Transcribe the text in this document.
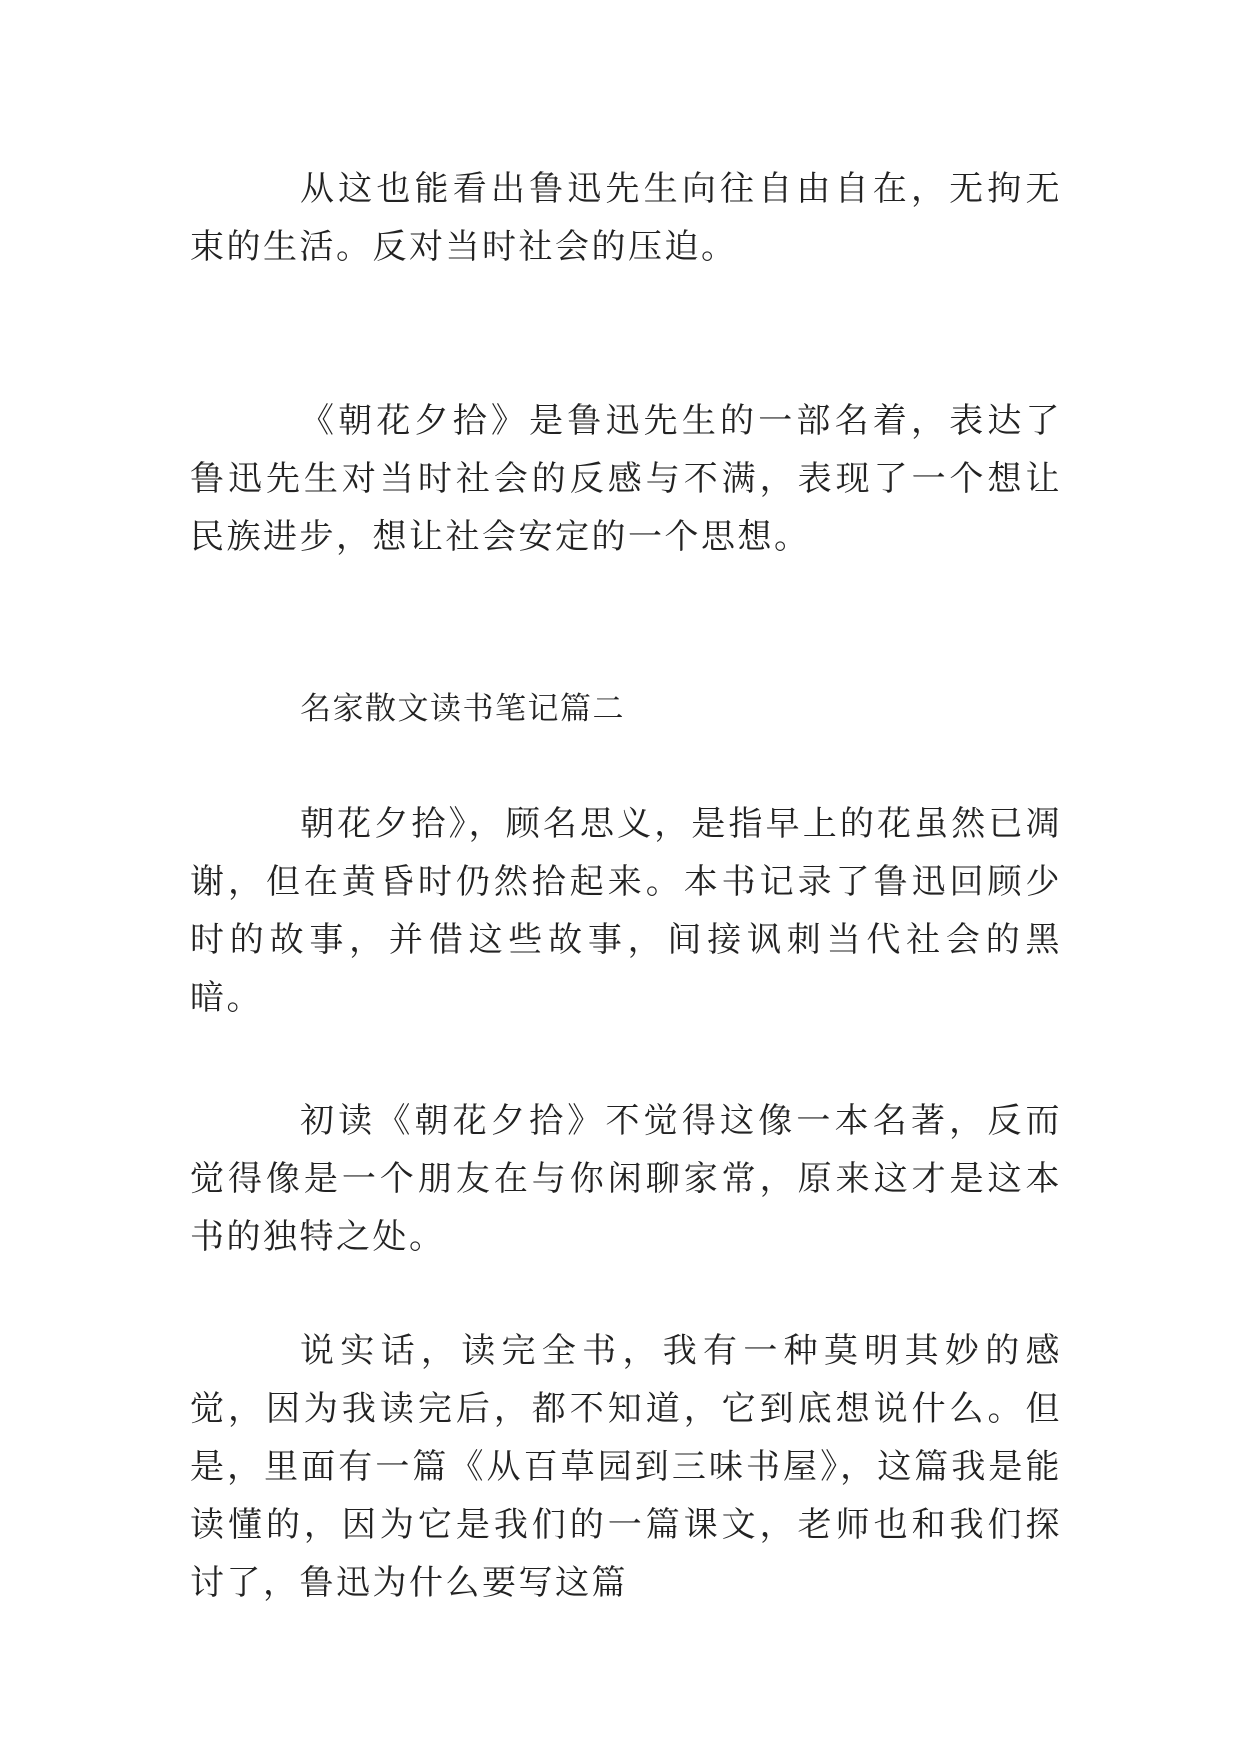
从这也能看出鲁迅先生向往自由自在，无拘无束的生活。反对当时社会的压迫。

《朝花夕拾》是鲁迅先生的一部名着，表达了鲁迅先生对当时社会的反感与不满，表现了一个想让民族进步，想让社会安定的一个思想。

名家散文读书笔记篇二

朝花夕拾》，顾名思义，是指早上的花虽然已凋谢，但在黄昏时仍然拾起来。本书记录了鲁迅回顾少时的故事，并借这些故事，间接讽刺当代社会的黑暗。

初读《朝花夕拾》不觉得这像一本名著，反而觉得像是一个朋友在与你闲聊家常，原来这才是这本书的独特之处。

说实话，读完全书，我有一种莫明其妙的感觉，因为我读完后，都不知道，它到底想说什么。但是，里面有一篇《从百草园到三味书屋》，这篇我是能读懂的，因为它是我们的一篇课文，老师也和我们探讨了，鲁迅为什么要写这篇
